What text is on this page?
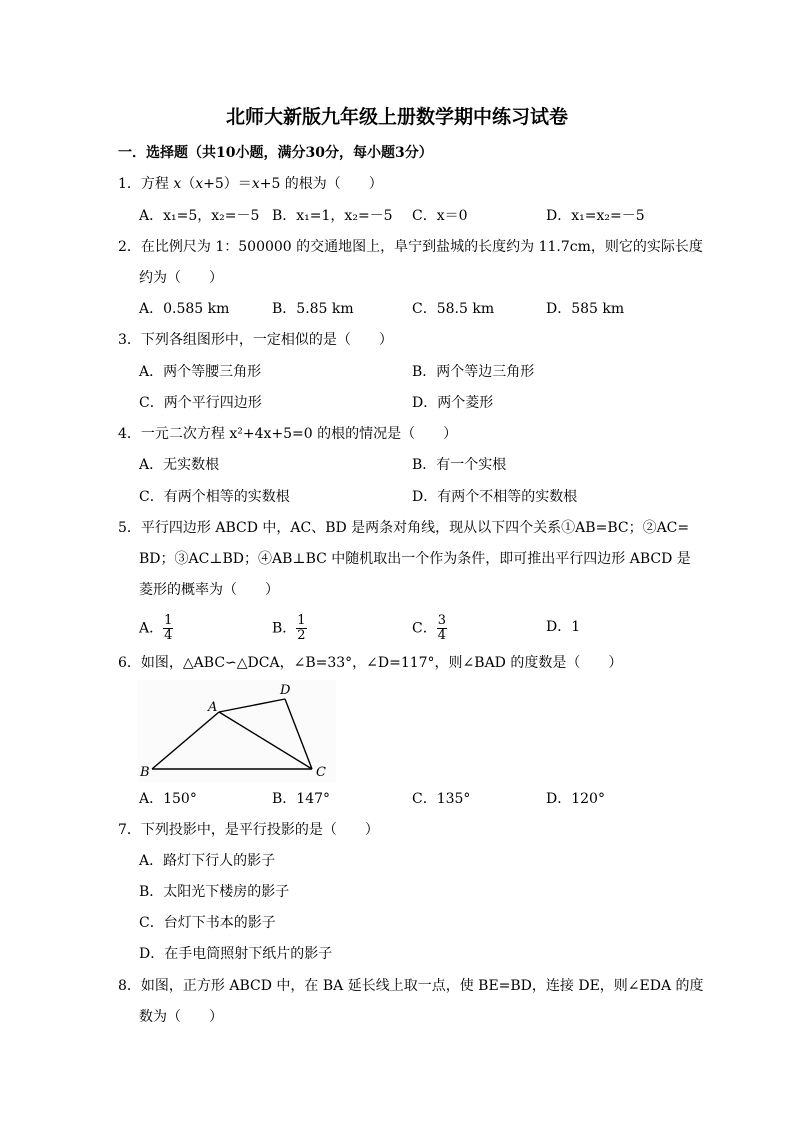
北师大新版九年级上册数学期中练习试卷
一．选择题（共10小题，满分30分，每小题3分）
1．方程 x（x+5）＝x+5 的根为（　　）
A．x₁=5，x₂=－5 B．x₁=1，x₂=－5 C．x＝0	D．x₁=x₂=－5
2．在比例尺为 1：500000 的交通地图上，阜宁到盐城的长度约为 11.7cm，则它的实际长度
约为（　　）
A．0.585 km	B．5.85 km	C．58.5 km	D．585 km
3．下列各组图形中，一定相似的是（　　）
A．两个等腰三角形	B．两个等边三角形
C．两个平行四边形	D．两个菱形
4．一元二次方程 x²+4x+5=0 的根的情况是（　　）
A．无实数根	B．有一个实根
C．有两个相等的实数根	D．有两个不相等的实数根
5．平行四边形 ABCD 中，AC、BD 是两条对角线，现从以下四个关系①AB=BC；②AC=
BD；③AC⊥BD；④AB⊥BC 中随机取出一个作为条件，即可推出平行四边形 ABCD 是
菱形的概率为（　　）
A． $\frac{1}{4}$	B． $\frac{1}{2}$	C． $\frac{3}{4}$	D．1
6．如图，△ABC∽△DCA，∠B=33°，∠D=117°，则∠BAD 的度数是（　　）
A
B	C
D
A．150°	B．147°	C．135°	D．120°
7．下列投影中，是平行投影的是（　　）
A．路灯下行人的影子
B．太阳光下楼房的影子
C．台灯下书本的影子
D．在手电筒照射下纸片的影子
8．如图，正方形 ABCD 中，在 BA 延长线上取一点，使 BE=BD，连接 DE，则∠EDA 的度
数为（　　）
